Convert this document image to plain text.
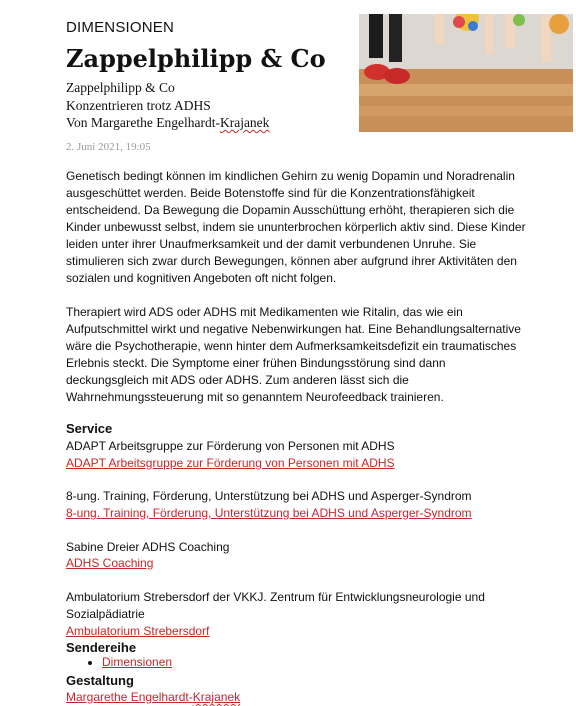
DIMENSIONEN
Zappelphilipp & Co
Zappelphilipp & Co
Konzentrieren trotz ADHS
Von Margarethe Engelhardt-Krajanek
2. Juni 2021, 19:05

Genetisch bedingt können im kindlichen Gehirn zu wenig Dopamin und Noradrenalin ausgeschüttet werden. Beide Botenstoffe sind für die Konzentrationsfähigkeit entscheidend. Da Bewegung die Dopamin Ausschüttung erhöht, therapieren sich die Kinder unbewusst selbst, indem sie ununterbrochen körperlich aktiv sind. Diese Kinder leiden unter ihrer Unaufmerksamkeit und der damit verbundenen Unruhe. Sie stimulieren sich zwar durch Bewegungen, können aber aufgrund ihrer Aktivitäten den sozialen und kognitiven Angeboten oft nicht folgen.

Therapiert wird ADS oder ADHS mit Medikamenten wie Ritalin, das wie ein Aufputschmittel wirkt und negative Nebenwirkungen hat. Eine Behandlungsalternative wäre die Psychotherapie, wenn hinter dem Aufmerksamkeitsdefizit ein traumatisches Erlebnis steckt. Die Symptome einer frühen Bindungsstörung sind dann deckungsgleich mit ADS oder ADHS. Zum anderen lässt sich die Wahrnehmungssteuerung mit so genanntem Neurofeedback trainieren.

Service
ADAPT Arbeitsgruppe zur Förderung von Personen mit ADHS
ADAPT Arbeitsgruppe zur Förderung von Personen mit ADHS
8-ung. Training, Förderung, Unterstützung bei ADHS und Asperger-Syndrom
8-ung. Training, Förderung, Unterstützung bei ADHS und Asperger-Syndrom
Sabine Dreier ADHS Coaching
ADHS Coaching
Ambulatorium Strebersdorf der VKKJ. Zentrum für Entwicklungsneurologie und Sozialpädiatrie
Ambulatorium Strebersdorf
Sendereihe
• Dimensionen
Gestaltung
Margarethe Engelhardt-Krajanek
